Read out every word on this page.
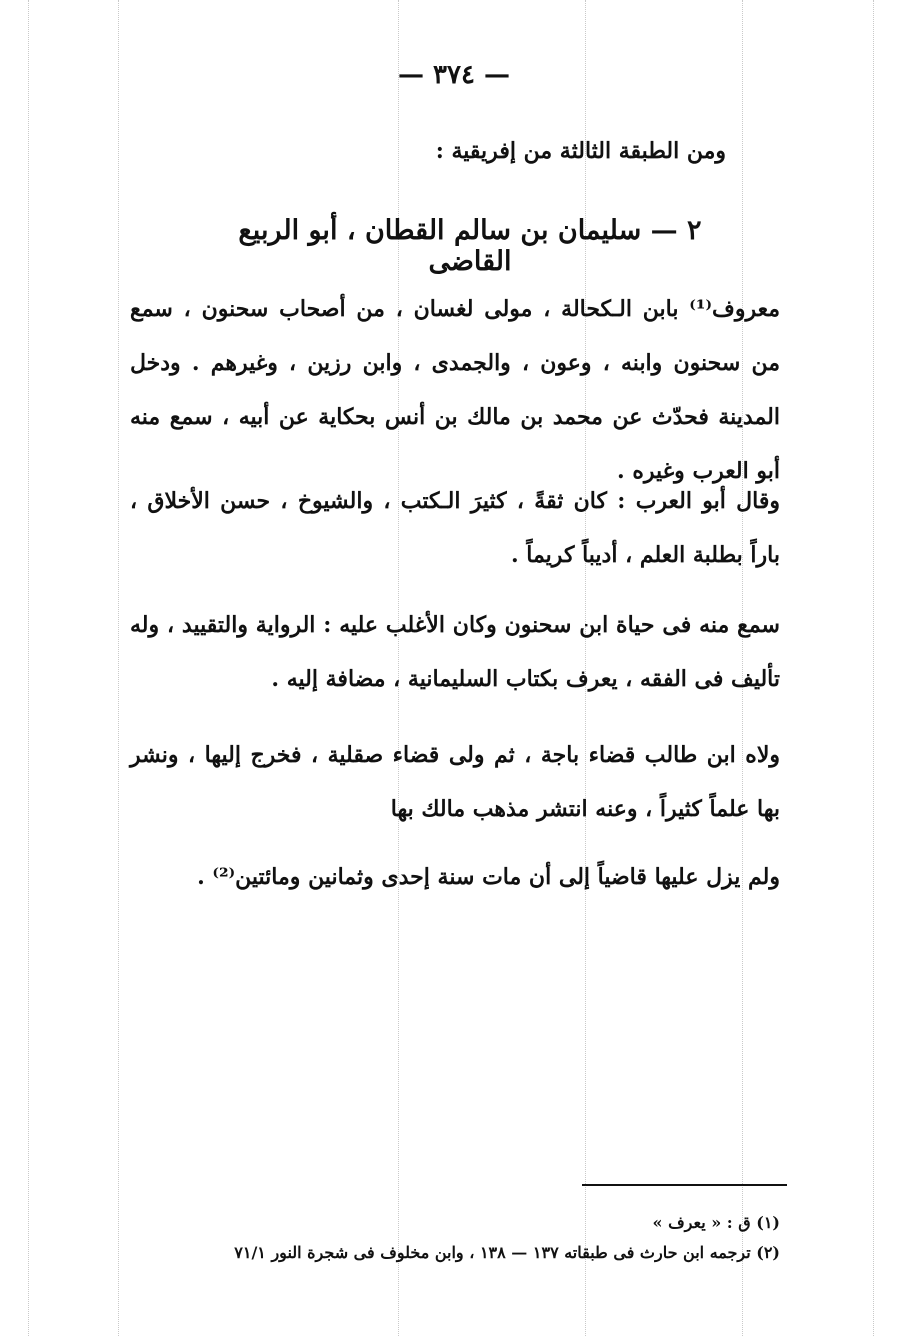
— ٣٧٤ —
ومن الطبقة الثالثة من إفريقية :
٢ — سليمان بن سالم القطان ، أبو الربيع القاضى
معروف⁽¹⁾ بابن الـكحالة ، مولى لغسان ، من أصحاب سحنون ، سمع من سحنون وابنه ، وعون ، والجمدى ، وابن رزين ، وغيرهم . ودخل المدينة فحدّث عن محمد بن مالك بن أنس بحكاية عن أبيه ، سمع منه أبو العرب وغيره .
وقال أبو العرب : كان ثقةً ، كثيرَ الـكتب ، والشيوخ ، حسن الأخلاق ، باراً بطلبة العلم ، أديباً كريماً .
سمع منه فى حياة ابن سحنون وكان الأغلب عليه : الرواية والتقييد ، وله تأليف فى الفقه ، يعرف بكتاب السليمانية ، مضافة إليه .
ولاه ابن طالب قضاء باجة ، ثم ولى قضاء صقلية ، فخرج إليها ، ونشر بها علماً كثيراً ، وعنه انتشر مذهب مالك بها
ولم يزل عليها قاضياً إلى أن مات سنة إحدى وثمانين ومائتين⁽²⁾ .
(١) ق : « يعرف »
(٢) ترجمه ابن حارث فى طبقاته ١٣٧ — ١٣٨ ، وابن مخلوف فى شجرة النور ٧١/١
